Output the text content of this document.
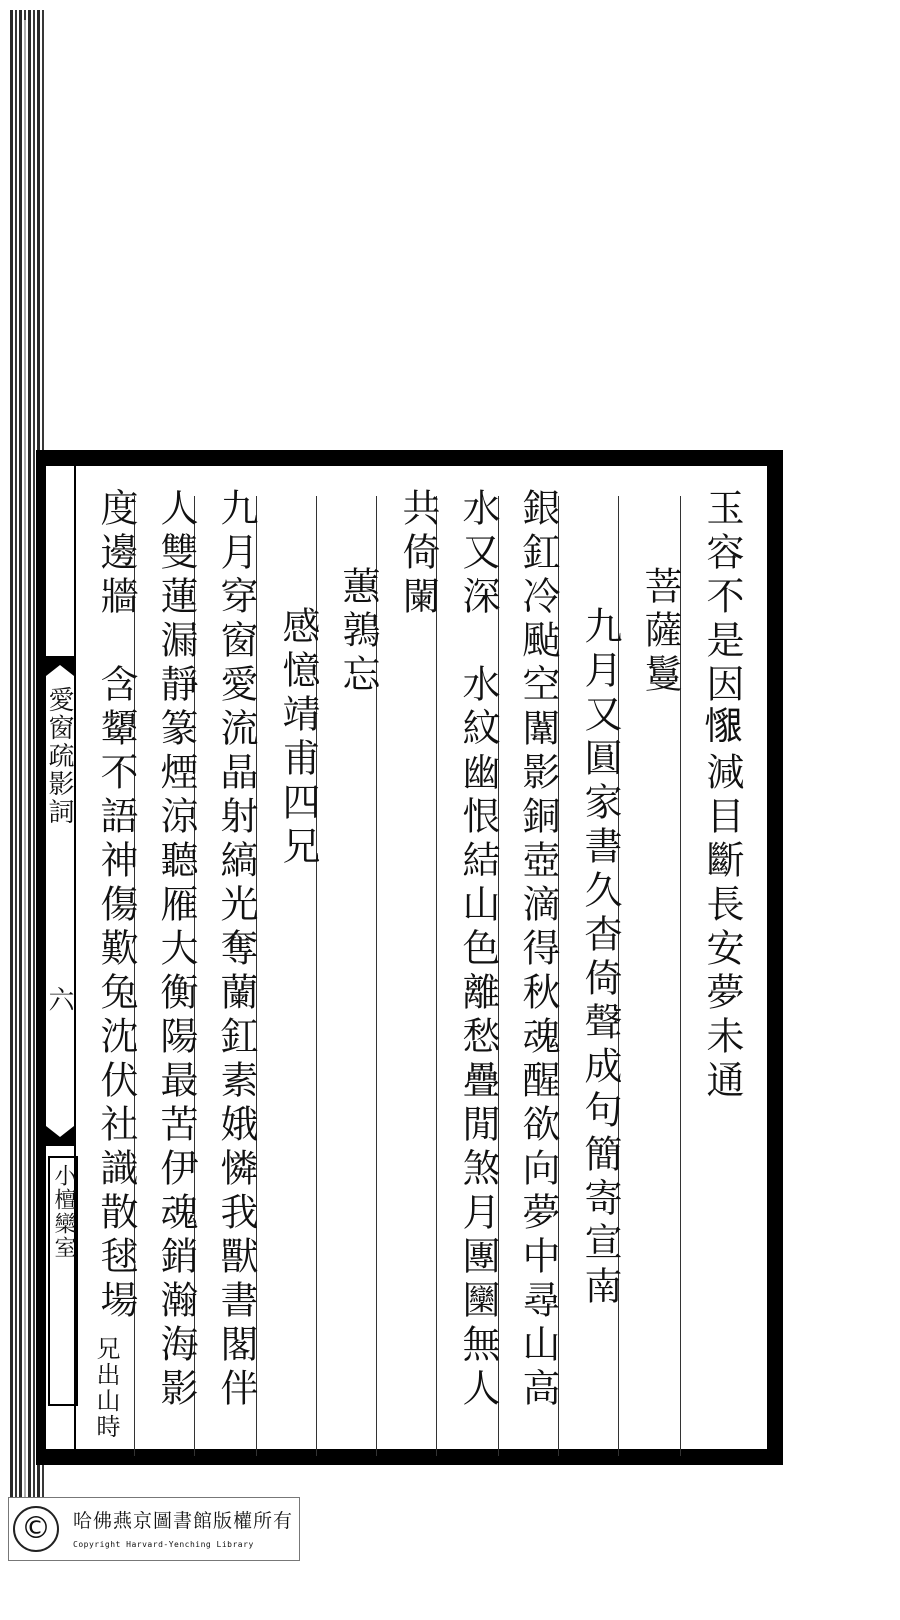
愛窗疏影詞
六
小檀欒室
玉容不是因𢢽減目斷長安夢未通
菩薩鬘
九月又圓家書久杳倚聲成句簡寄宣南
銀釭冷颭空闈影銅壺滴得秋魂醒欲向夢中尋山高
水又深　水紋幽恨結山色離愁疊閒煞月團圞無人
共倚闌
蕙鶉忘
感憶靖甫四兄
九月穿窗愛流晶射縞光奪蘭釭素娥憐我獸書閣伴
人雙蓮漏靜篆煙涼聽雁大衡陽最苦伊魂銷瀚海影
度邊牆　含顰不語神傷歎兔沈伏社識散毬場
兄出山時
©	哈佛燕京圖書館版權所有
Copyright Harvard-Yenching Library
